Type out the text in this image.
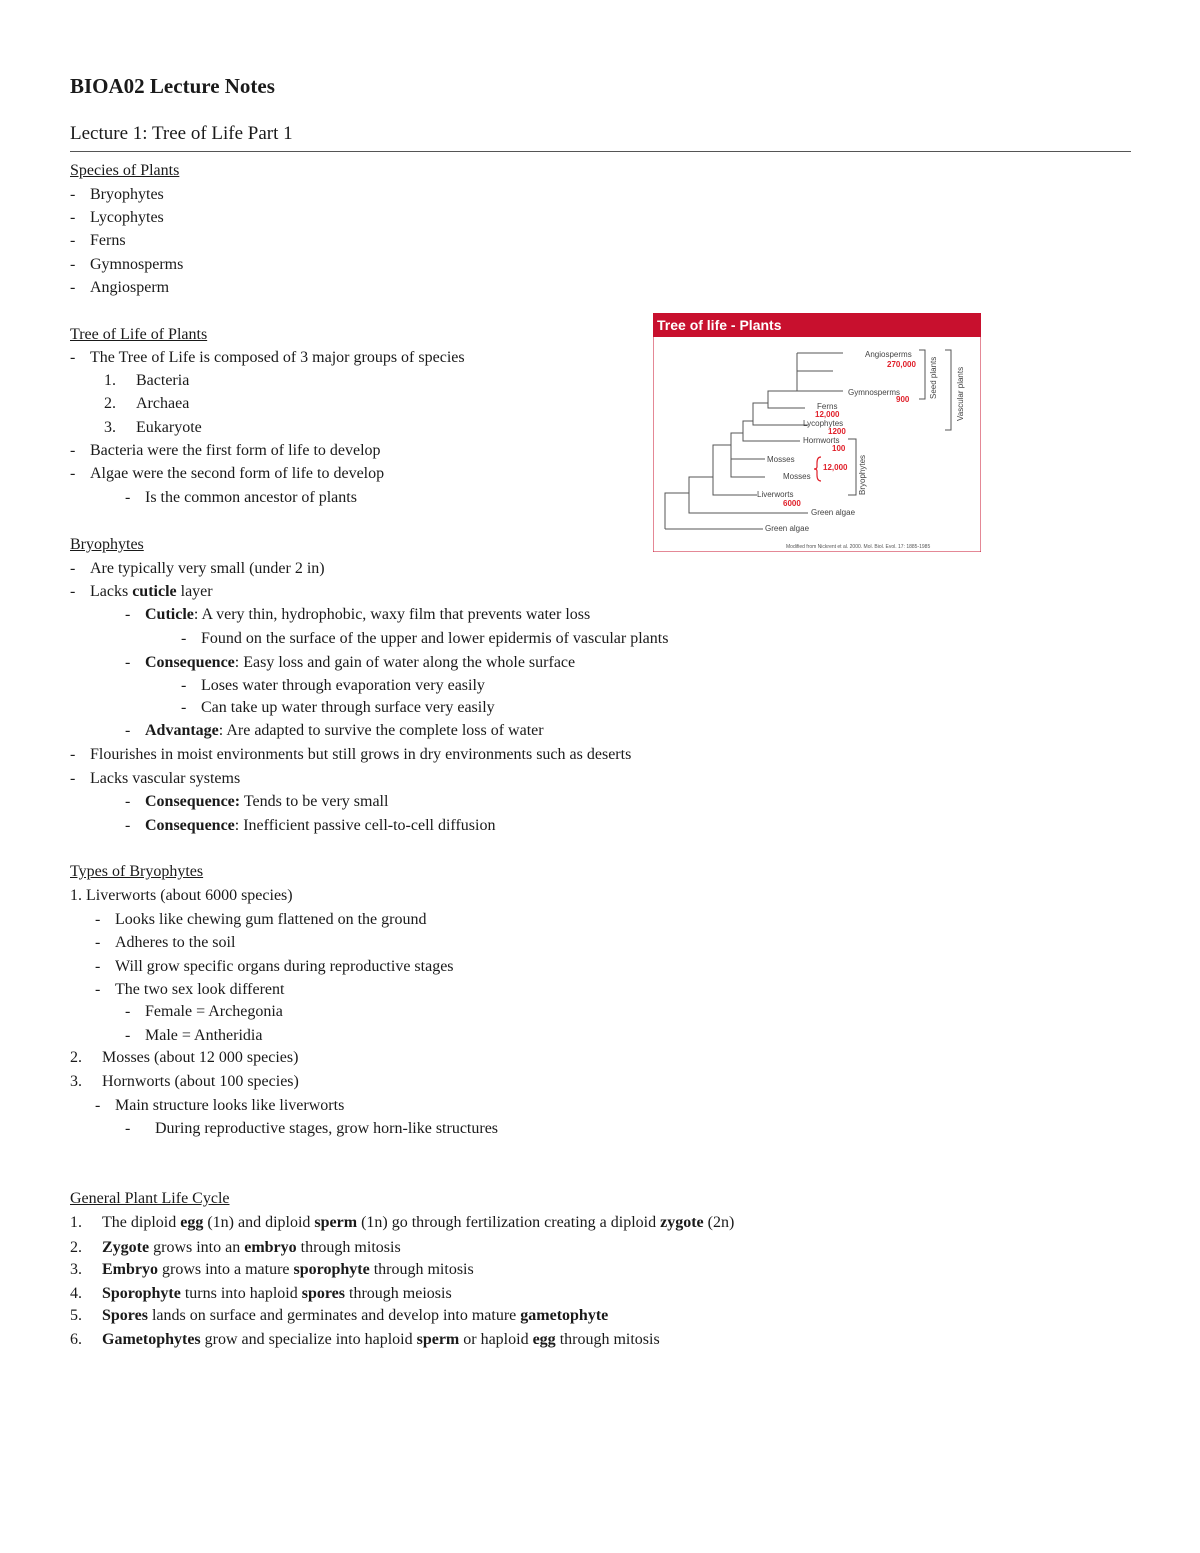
BIOA02 Lecture Notes
Lecture 1: Tree of Life Part 1
Species of Plants
- Bryophytes
- Lycophytes
- Ferns
- Gymnosperms
- Angiosperm
Tree of Life of Plants
- The Tree of Life is composed of 3 major groups of species
1. Bacteria
2. Archaea
3. Eukaryote
- Bacteria were the first form of life to develop
- Algae were the second form of life to develop
- Is the common ancestor of plants
Tree of life - Plants
Angiosperms
Gymnosperms
Ferns
Lycophytes
Hornworts
Mosses
Mosses
Liverworts
Green algae
Green algae
270,000
900
12,000
1200
100
12,000
6000
Seed plants Vascular plants
Bryophytes
Modified from Nickrent et al. 2000. Mol. Biol. Evol. 17: 1885-1985
Bryophytes
- Are typically very small (under 2 in)
- Lacks cuticle layer
- Cuticle: A very thin, hydrophobic, waxy film that prevents water loss
- Found on the surface of the upper and lower epidermis of vascular plants
- Consequence: Easy loss and gain of water along the whole surface
- Loses water through evaporation very easily
- Can take up water through surface very easily
- Advantage: Are adapted to survive the complete loss of water
- Flourishes in moist environments but still grows in dry environments such as deserts
- Lacks vascular systems
- Consequence: Tends to be very small
- Consequence: Inefficient passive cell-to-cell diffusion
Types of Bryophytes
1. Liverworts (about 6000 species)
- Looks like chewing gum flattened on the ground
- Adheres to the soil
- Will grow specific organs during reproductive stages
- The two sex look different
- Female = Archegonia
- Male = Antheridia
2. Mosses (about 12 000 species)
3. Hornworts (about 100 species)
- Main structure looks like liverworts
- During reproductive stages, grow horn-like structures
General Plant Life Cycle
1. The diploid egg (1n) and diploid sperm (1n) go through fertilization creating a diploid zygote (2n)
2. Zygote grows into an embryo through mitosis
3. Embryo grows into a mature sporophyte through mitosis
4. Sporophyte turns into haploid spores through meiosis
5. Spores lands on surface and germinates and develop into mature gametophyte
6. Gametophytes grow and specialize into haploid sperm or haploid egg through mitosis
